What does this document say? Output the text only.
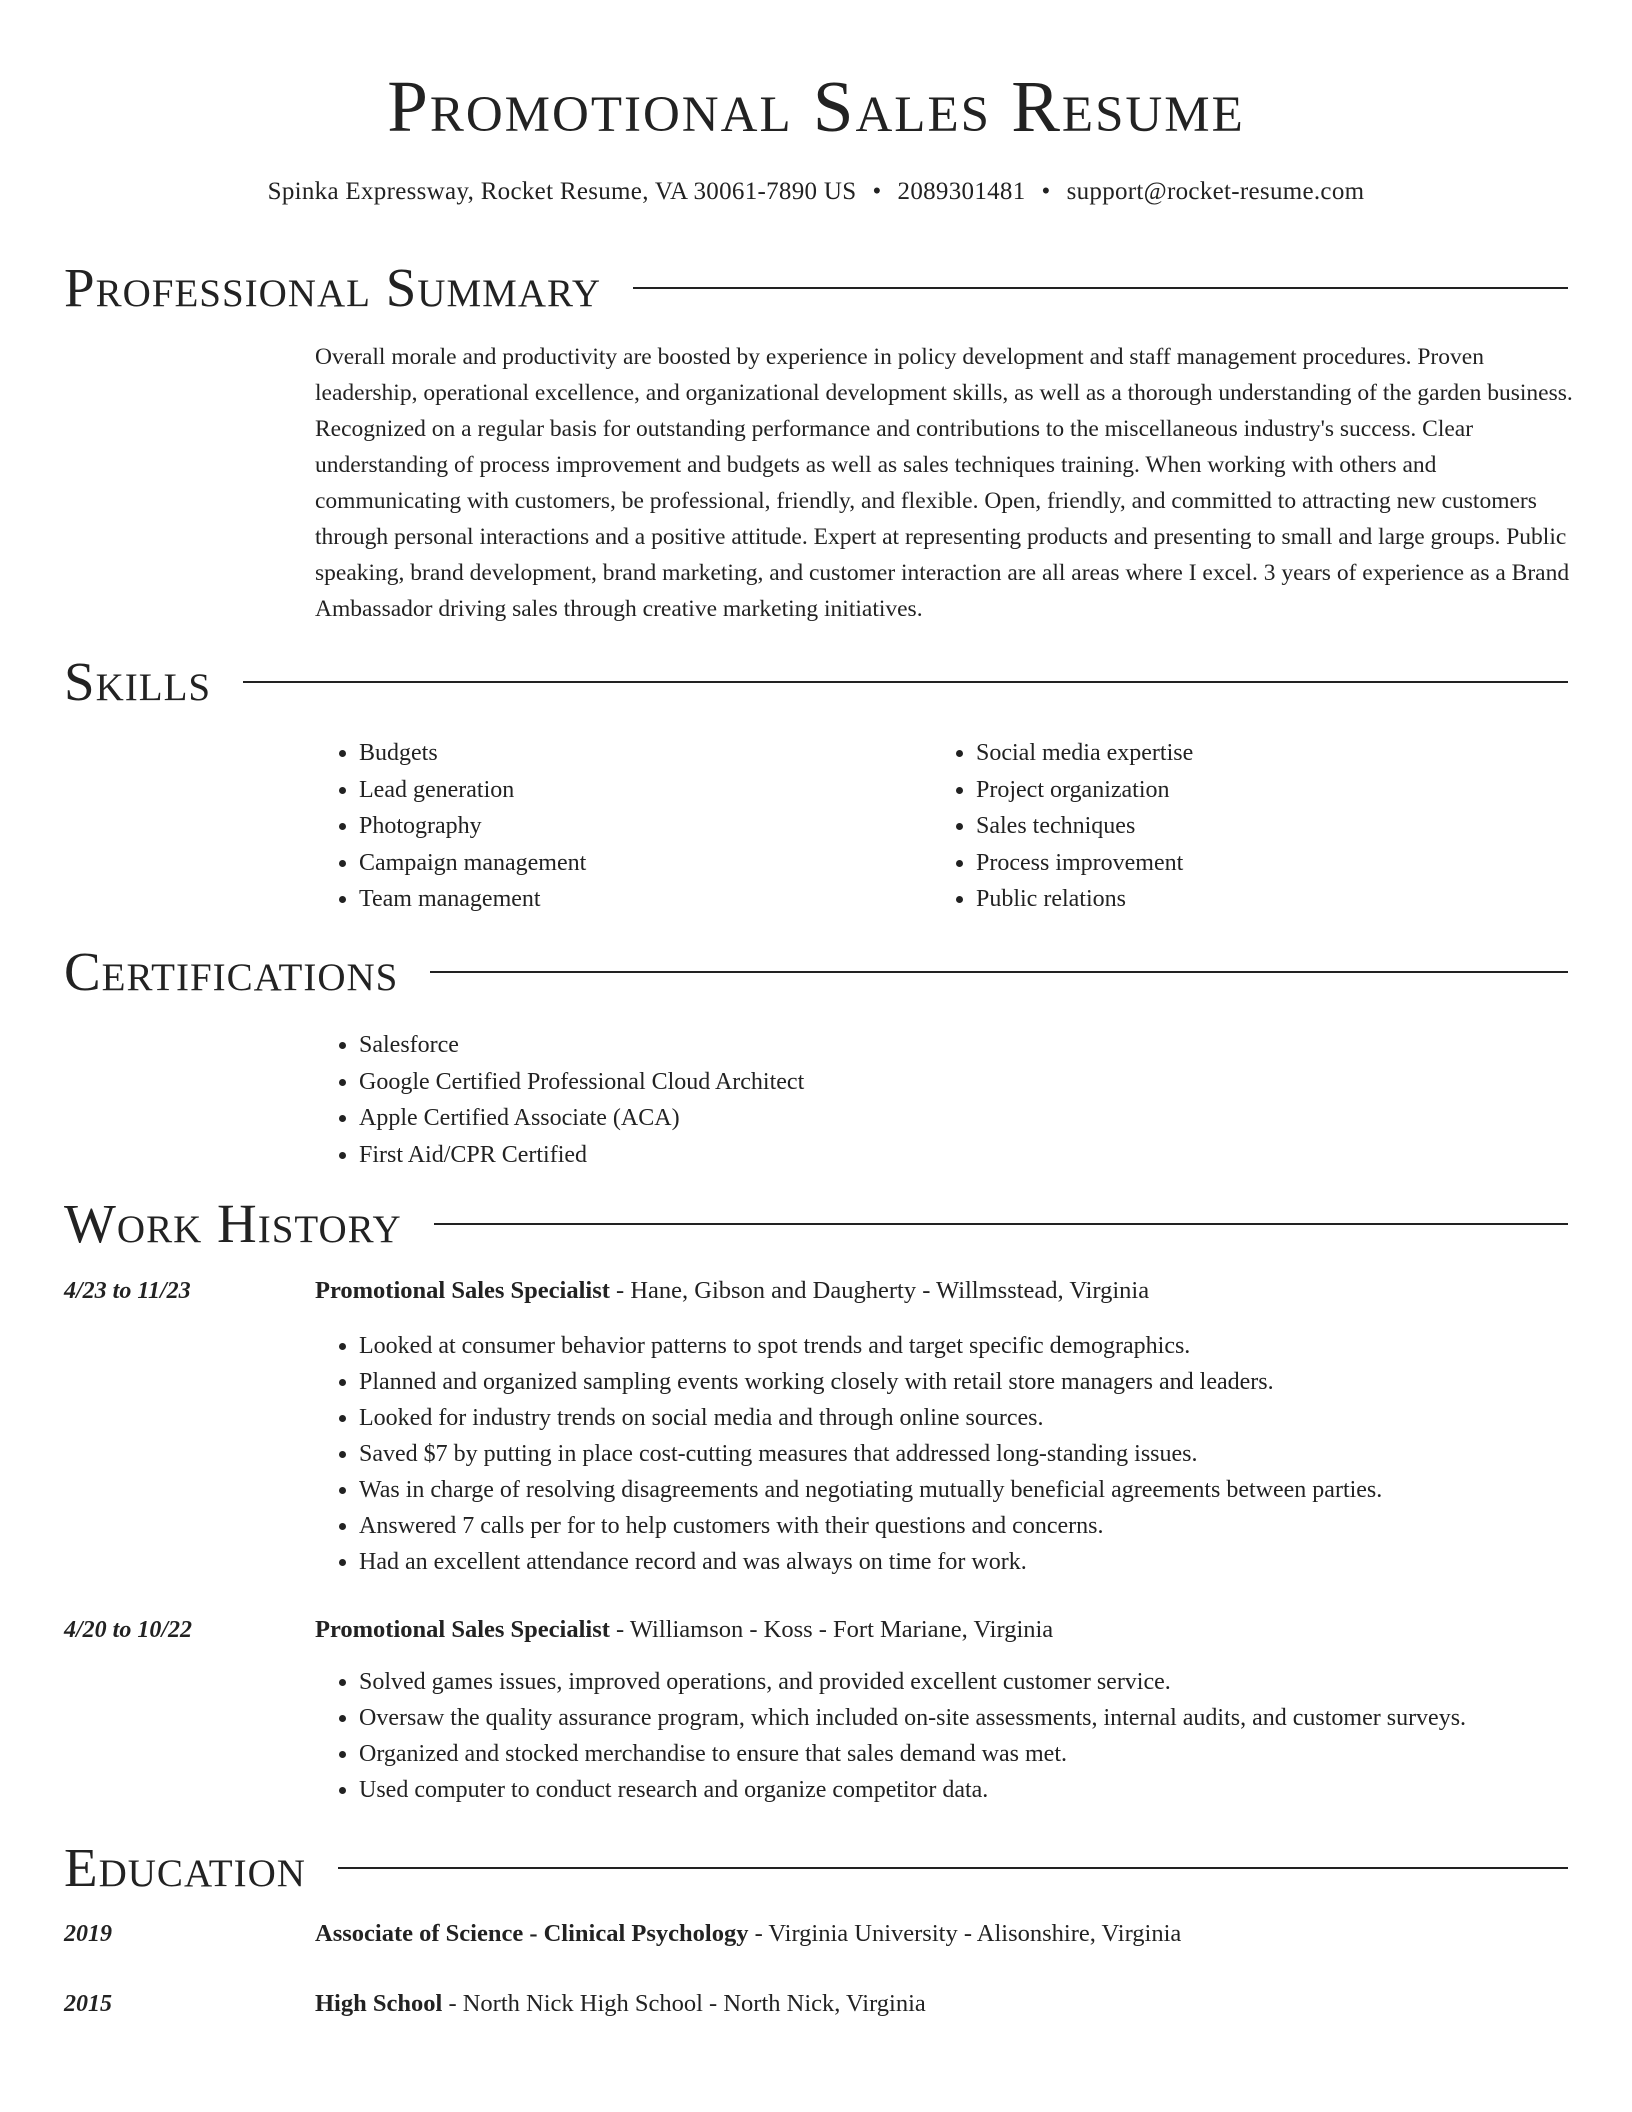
Promotional Sales Resume
Spinka Expressway, Rocket Resume, VA 30061-7890 US • 2089301481 • support@rocket-resume.com
Professional Summary

Overall morale and productivity are boosted by experience in policy development and staff management procedures. Proven leadership, operational excellence, and organizational development skills, as well as a thorough understanding of the garden business. Recognized on a regular basis for outstanding performance and contributions to the miscellaneous industry's success. Clear understanding of process improvement and budgets as well as sales techniques training. When working with others and communicating with customers, be professional, friendly, and flexible. Open, friendly, and committed to attracting new customers through personal interactions and a positive attitude. Expert at representing products and presenting to small and large groups. Public speaking, brand development, brand marketing, and customer interaction are all areas where I excel. 3 years of experience as a Brand Ambassador driving sales through creative marketing initiatives.

Skills
• Budgets
• Lead generation
• Photography
• Campaign management
• Team management
• Social media expertise
• Project organization
• Sales techniques
• Process improvement
• Public relations
Certifications
• Salesforce
• Google Certified Professional Cloud Architect
• Apple Certified Associate (ACA)
• First Aid/CPR Certified
Work History
4/23 to 11/23	Promotional Sales Specialist - Hane, Gibson and Daugherty - Willmsstead, Virginia
• Looked at consumer behavior patterns to spot trends and target specific demographics.
• Planned and organized sampling events working closely with retail store managers and leaders.
• Looked for industry trends on social media and through online sources.
• Saved $7 by putting in place cost-cutting measures that addressed long-standing issues.
• Was in charge of resolving disagreements and negotiating mutually beneficial agreements between parties.
• Answered 7 calls per for to help customers with their questions and concerns.
• Had an excellent attendance record and was always on time for work.
4/20 to 10/22	Promotional Sales Specialist - Williamson - Koss - Fort Mariane, Virginia
• Solved games issues, improved operations, and provided excellent customer service.
• Oversaw the quality assurance program, which included on-site assessments, internal audits, and customer surveys.
• Organized and stocked merchandise to ensure that sales demand was met.
• Used computer to conduct research and organize competitor data.
Education
2019	Associate of Science - Clinical Psychology - Virginia University - Alisonshire, Virginia
2015	High School - North Nick High School - North Nick, Virginia
